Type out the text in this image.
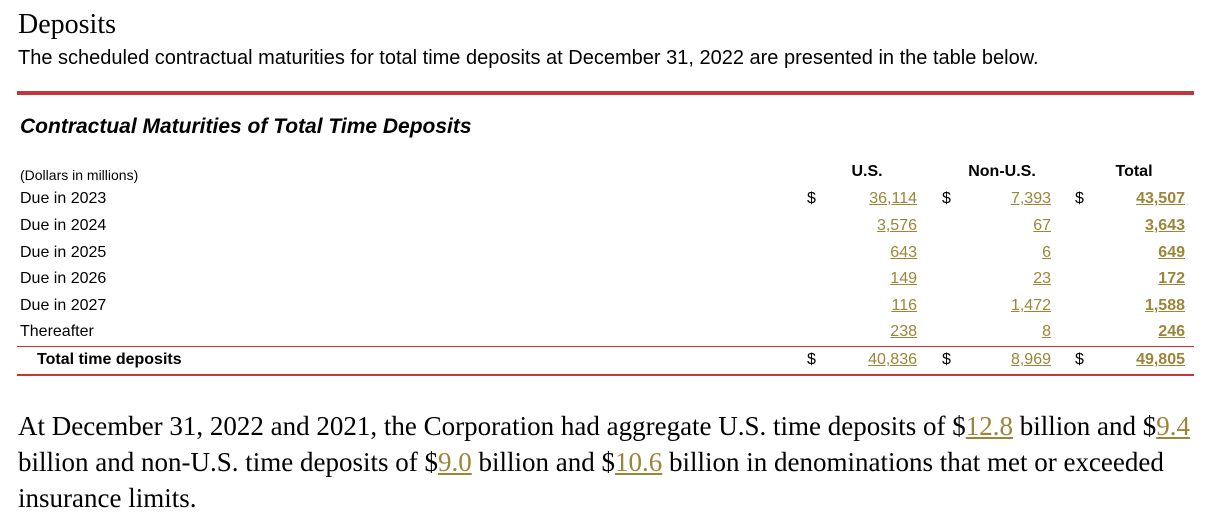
Deposits
The scheduled contractual maturities for total time deposits at December 31, 2022 are presented in the table below.
Contractual Maturities of Total Time Deposits
(Dollars in millions)	U.S.	Non-U.S.	Total
Due in 2023	$	36,114 $	7,393 $	43,507
Due in 2024	3,576	67	3,643
Due in 2025	643	6	649
Due in 2026	149	23	172
Due in 2027	116	1,472	1,588
Thereafter	238	8	246
Total time deposits	$	40,836 $	8,969 $	49,805
At December 31, 2022 and 2021, the Corporation had aggregate U.S. time deposits of $12.8 billion and $9.4 billion and non-U.S. time deposits of $9.0 billion and $10.6 billion in denominations that met or exceeded insurance limits.
